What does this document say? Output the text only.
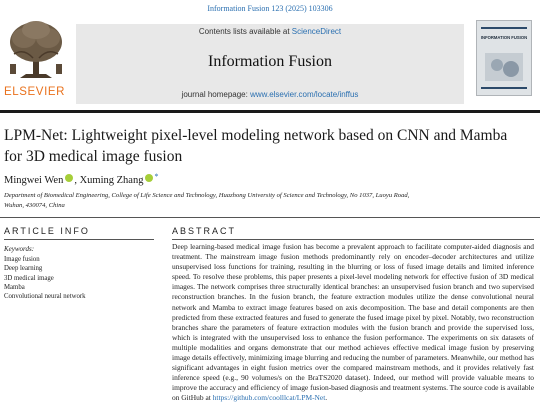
Information Fusion 123 (2025) 103306
ELSEVIER
Contents lists available at ScienceDirect
Information Fusion
journal homepage: www.elsevier.com/locate/inffus
INFORMATION FUSION
LPM-Net: Lightweight pixel-level modeling network based on CNN and Mamba for 3D medical image fusion
Mingwei Wen , Xuming Zhang *
Department of Biomedical Engineering, College of Life Science and Technology, Huazhong University of Science and Technology, No 1037, Luoyu Road, Wuhan, 430074, China
ARTICLE INFO	ABSTRACT
Keywords:
Image fusion
Deep learning
3D medical image
Mamba
Convolutional neural network

Deep learning-based medical image fusion has become a prevalent approach to facilitate computer-aided diagnosis and treatment. The mainstream image fusion methods predominantly rely on encoder–decoder architectures and utilize unsupervised loss functions for training, resulting in the blurring or loss of fused image details and limited inference speed. To resolve these problems, this paper presents a pixel-level modeling network for effective fusion of 3D medical images. The network comprises three structurally identical branches: an unsupervised fusion branch and two supervised reconstruction branches. In the fusion branch, the feature extraction modules utilize the dense convolutional neural network and Mamba to extract image features based on axis decomposition. The base and detail components are then predicted from these extracted features and fused to generate the fused image pixel by pixel. Notably, two reconstruction branches share the parameters of feature extraction modules with the fusion branch and provide the supervised loss, which is integrated with the unsupervised loss to enhance the fusion performance. The experiments on six datasets of multiple modalities and organs demonstrate that our method achieves effective medical image fusion by preserving image details effectively, minimizing image blurring and reducing the number of parameters. Meanwhile, our method has significant advantages in eight fusion metrics over the compared mainstream methods, and it provides relatively fast inference speed (e.g., 90 volumes/s on the BraTS2020 dataset). Indeed, our method will provide valuable means to improve the accuracy and efficiency of image fusion-based diagnosis and treatment systems. The source code is available on GitHub at https://github.com/coolllcat/LPM-Net.
